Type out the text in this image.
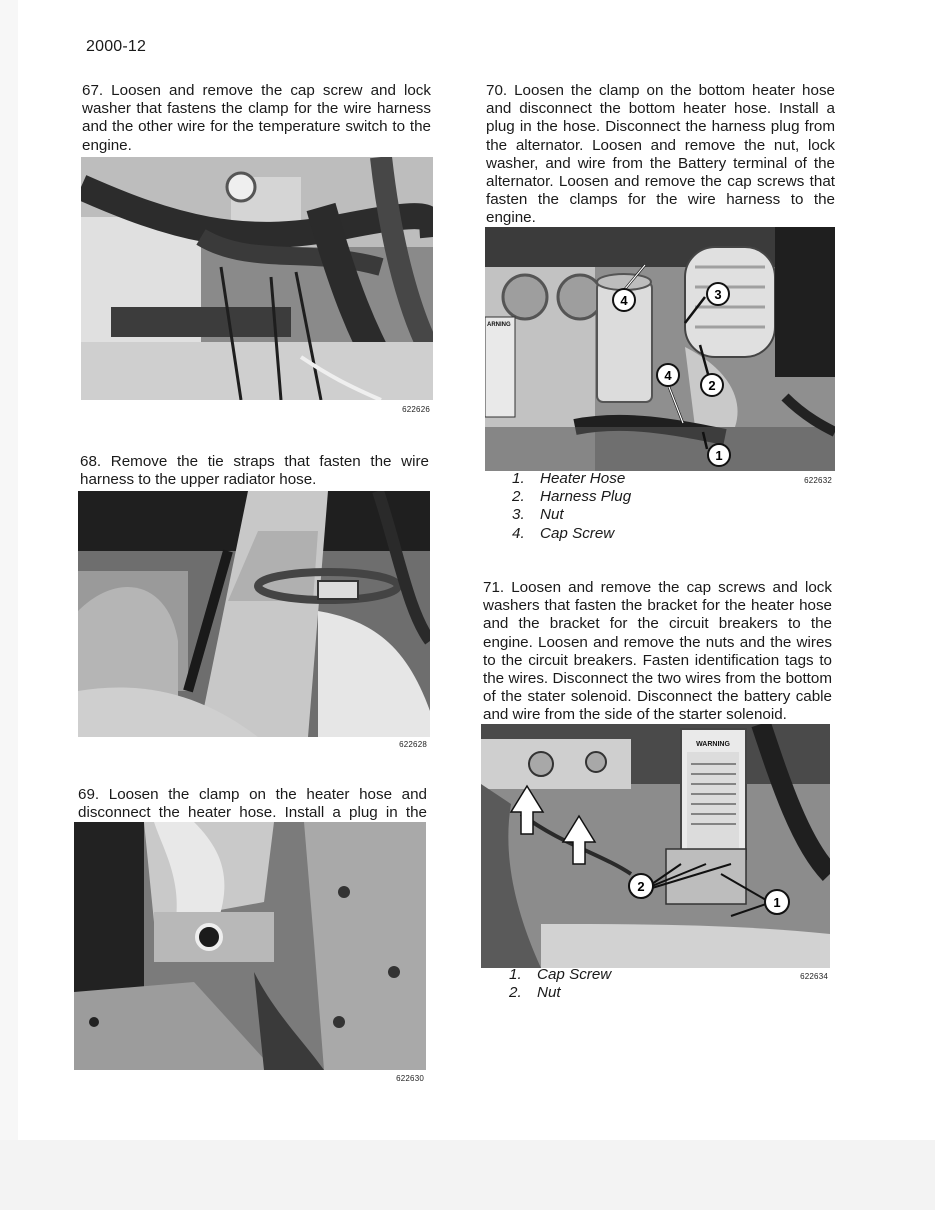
2000-12

67. Loosen and remove the cap screw and lock washer that fastens the clamp for the wire harness and the other wire for the temperature switch to the engine.

622626

68. Remove the tie straps that fasten the wire harness to the upper radiator hose.

622628

69. Loosen the clamp on the heater hose and disconnect the heater hose. Install a plug in the

622630

70. Loosen the clamp on the bottom heater hose and disconnect the bottom heater hose. Install a plug in the hose. Disconnect the harness plug from the alternator. Loosen and remove the nut, lock washer, and wire from the Battery terminal of the alternator. Loosen and remove the cap screws that fasten the clamps for the wire harness to the engine.

ARNING
1
2
3
4
4
622632
1.	Heater Hose
2.	Harness Plug
3.	Nut
4.	Cap Screw

71. Loosen and remove the cap screws and lock washers that fasten the bracket for the heater hose and the bracket for the circuit breakers to the engine. Loosen and remove the nuts and the wires to the circuit breakers. Fasten identification tags to the wires. Disconnect the two wires from the bottom of the stater solenoid. Disconnect the battery cable and wire from the side of the starter solenoid.

WARNING
1
2
622634
1.	Cap Screw
2.	Nut
